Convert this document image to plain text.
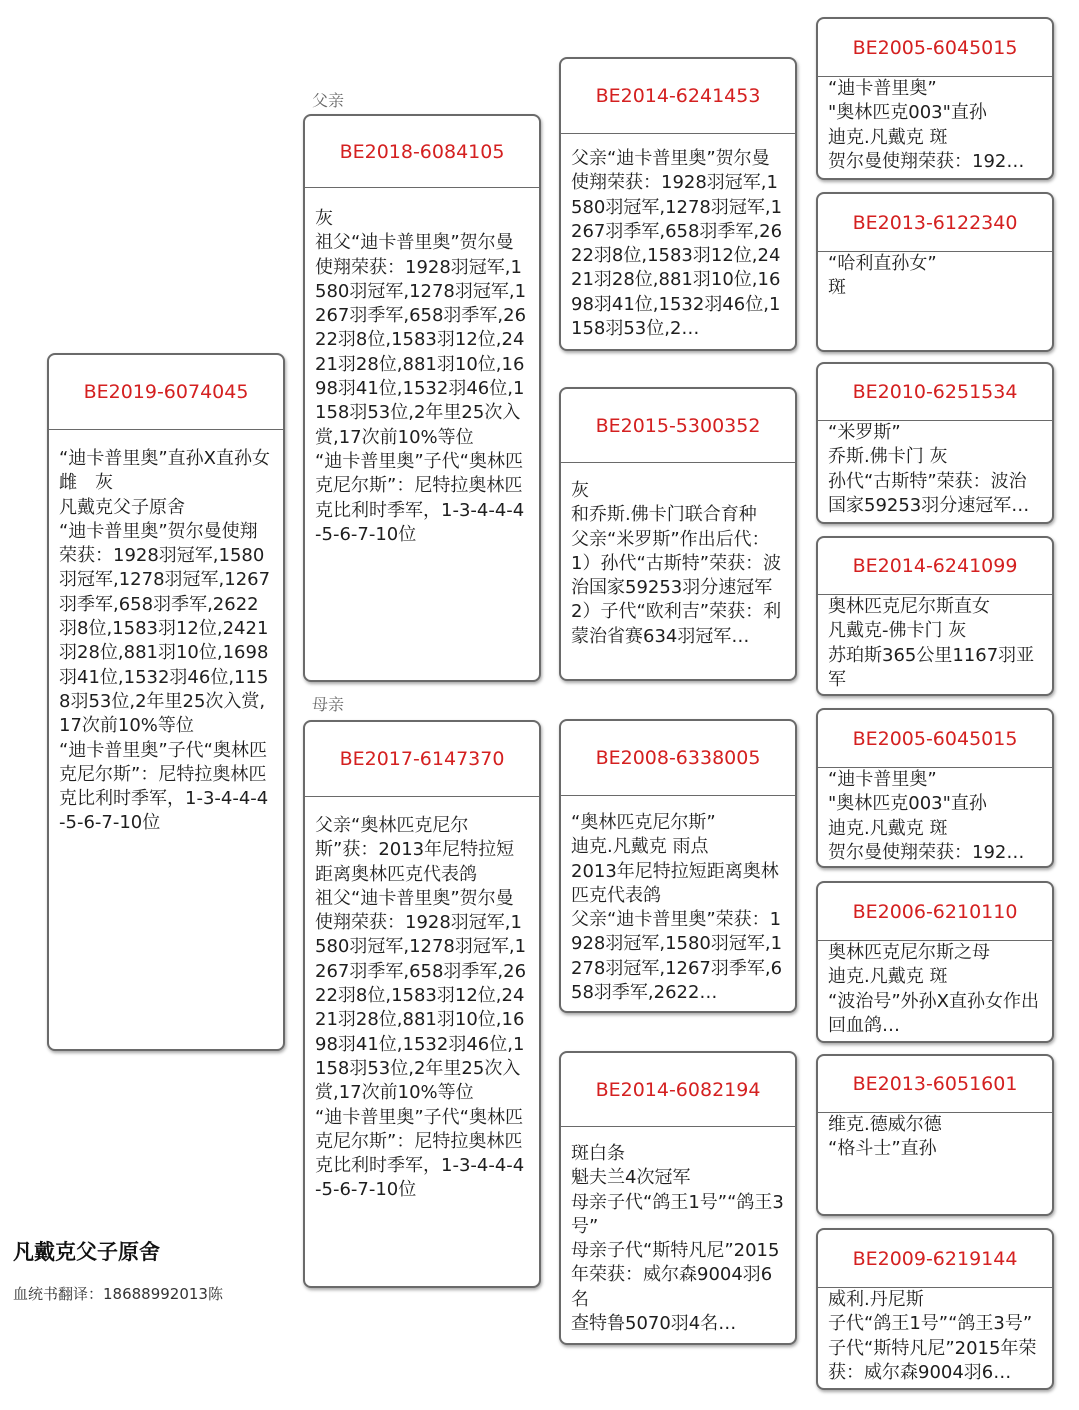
父亲
母亲
BE2019-6074045
“迪卡普里奥”直孙X直孙女
雌　灰
凡戴克父子原舍
“迪卡普里奥”贺尔曼使翔荣获：1928羽冠军,1580羽冠军,1278羽冠军,1267羽季军,658羽季军,2622羽8位,1583羽12位,2421羽28位,881羽10位,1698羽41位,1532羽46位,1158羽53位,2年里25次入赏,17次前10%等位
“迪卡普里奥”子代“奥林匹克尼尔斯”：尼特拉奥林匹克比利时季军，1-3-4-4-4-5-6-7-10位
BE2018-6084105
灰
祖父“迪卡普里奥”贺尔曼使翔荣获：1928羽冠军,1580羽冠军,1278羽冠军,1267羽季军,658羽季军,2622羽8位,1583羽12位,2421羽28位,881羽10位,1698羽41位,1532羽46位,1158羽53位,2年里25次入赏,17次前10%等位
“迪卡普里奥”子代“奥林匹克尼尔斯”：尼特拉奥林匹克比利时季军，1-3-4-4-4-5-6-7-10位
BE2017-6147370
父亲“奥林匹克尼尔斯”获：2013年尼特拉短距离奥林匹克代表鸽
祖父“迪卡普里奥”贺尔曼使翔荣获：1928羽冠军,1580羽冠军,1278羽冠军,1267羽季军,658羽季军,2622羽8位,1583羽12位,2421羽28位,881羽10位,1698羽41位,1532羽46位,1158羽53位,2年里25次入赏,17次前10%等位
“迪卡普里奥”子代“奥林匹克尼尔斯”：尼特拉奥林匹克比利时季军，1-3-4-4-4-5-6-7-10位
BE2014-6241453
父亲“迪卡普里奥”贺尔曼使翔荣获：1928羽冠军,1580羽冠军,1278羽冠军,1267羽季军,658羽季军,2622羽8位,1583羽12位,2421羽28位,881羽10位,1698羽41位,1532羽46位,1158羽53位,2…
BE2015-5300352
灰
和乔斯.佛卡门联合育种
父亲“米罗斯”作出后代：
1）孙代“古斯特”荣获：波治国家59253羽分速冠军
2）子代“欧利吉”荣获：利蒙治省赛634羽冠军…
BE2008-6338005
“奥林匹克尼尔斯”
迪克.凡戴克 雨点
2013年尼特拉短距离奥林匹克代表鸽
父亲“迪卡普里奥”荣获：1928羽冠军,1580羽冠军,1278羽冠军,1267羽季军,658羽季军,2622…
BE2014-6082194
斑白条
魁夫兰4次冠军
母亲子代“鸽王1号”“鸽王3号”
母亲子代“斯特凡尼”2015年荣获：威尔森9004羽6名
查特鲁5070羽4名…
BE2005-6045015
“迪卡普里奥”
"奥林匹克003"直孙
迪克.凡戴克 斑
贺尔曼使翔荣获：192…
BE2013-6122340
“哈利直孙女”
斑
BE2010-6251534
“米罗斯”
乔斯.佛卡门 灰
孙代“古斯特”荣获：波治国家59253羽分速冠军…
BE2014-6241099
奥林匹克尼尔斯直女
凡戴克-佛卡门 灰
苏珀斯365公里1167羽亚军
BE2005-6045015
“迪卡普里奥”
"奥林匹克003"直孙
迪克.凡戴克 斑
贺尔曼使翔荣获：192…
BE2006-6210110
奥林匹克尼尔斯之母
迪克.凡戴克 斑
“波治号”外孙X直孙女作出回血鸽…
BE2013-6051601
维克.德威尔德
“格斗士”直孙
BE2009-6219144
威利.丹尼斯
子代“鸽王1号”“鸽王3号”
子代“斯特凡尼”2015年荣获：威尔森9004羽6…
凡戴克父子原舍
血统书翻译：18688992013陈
